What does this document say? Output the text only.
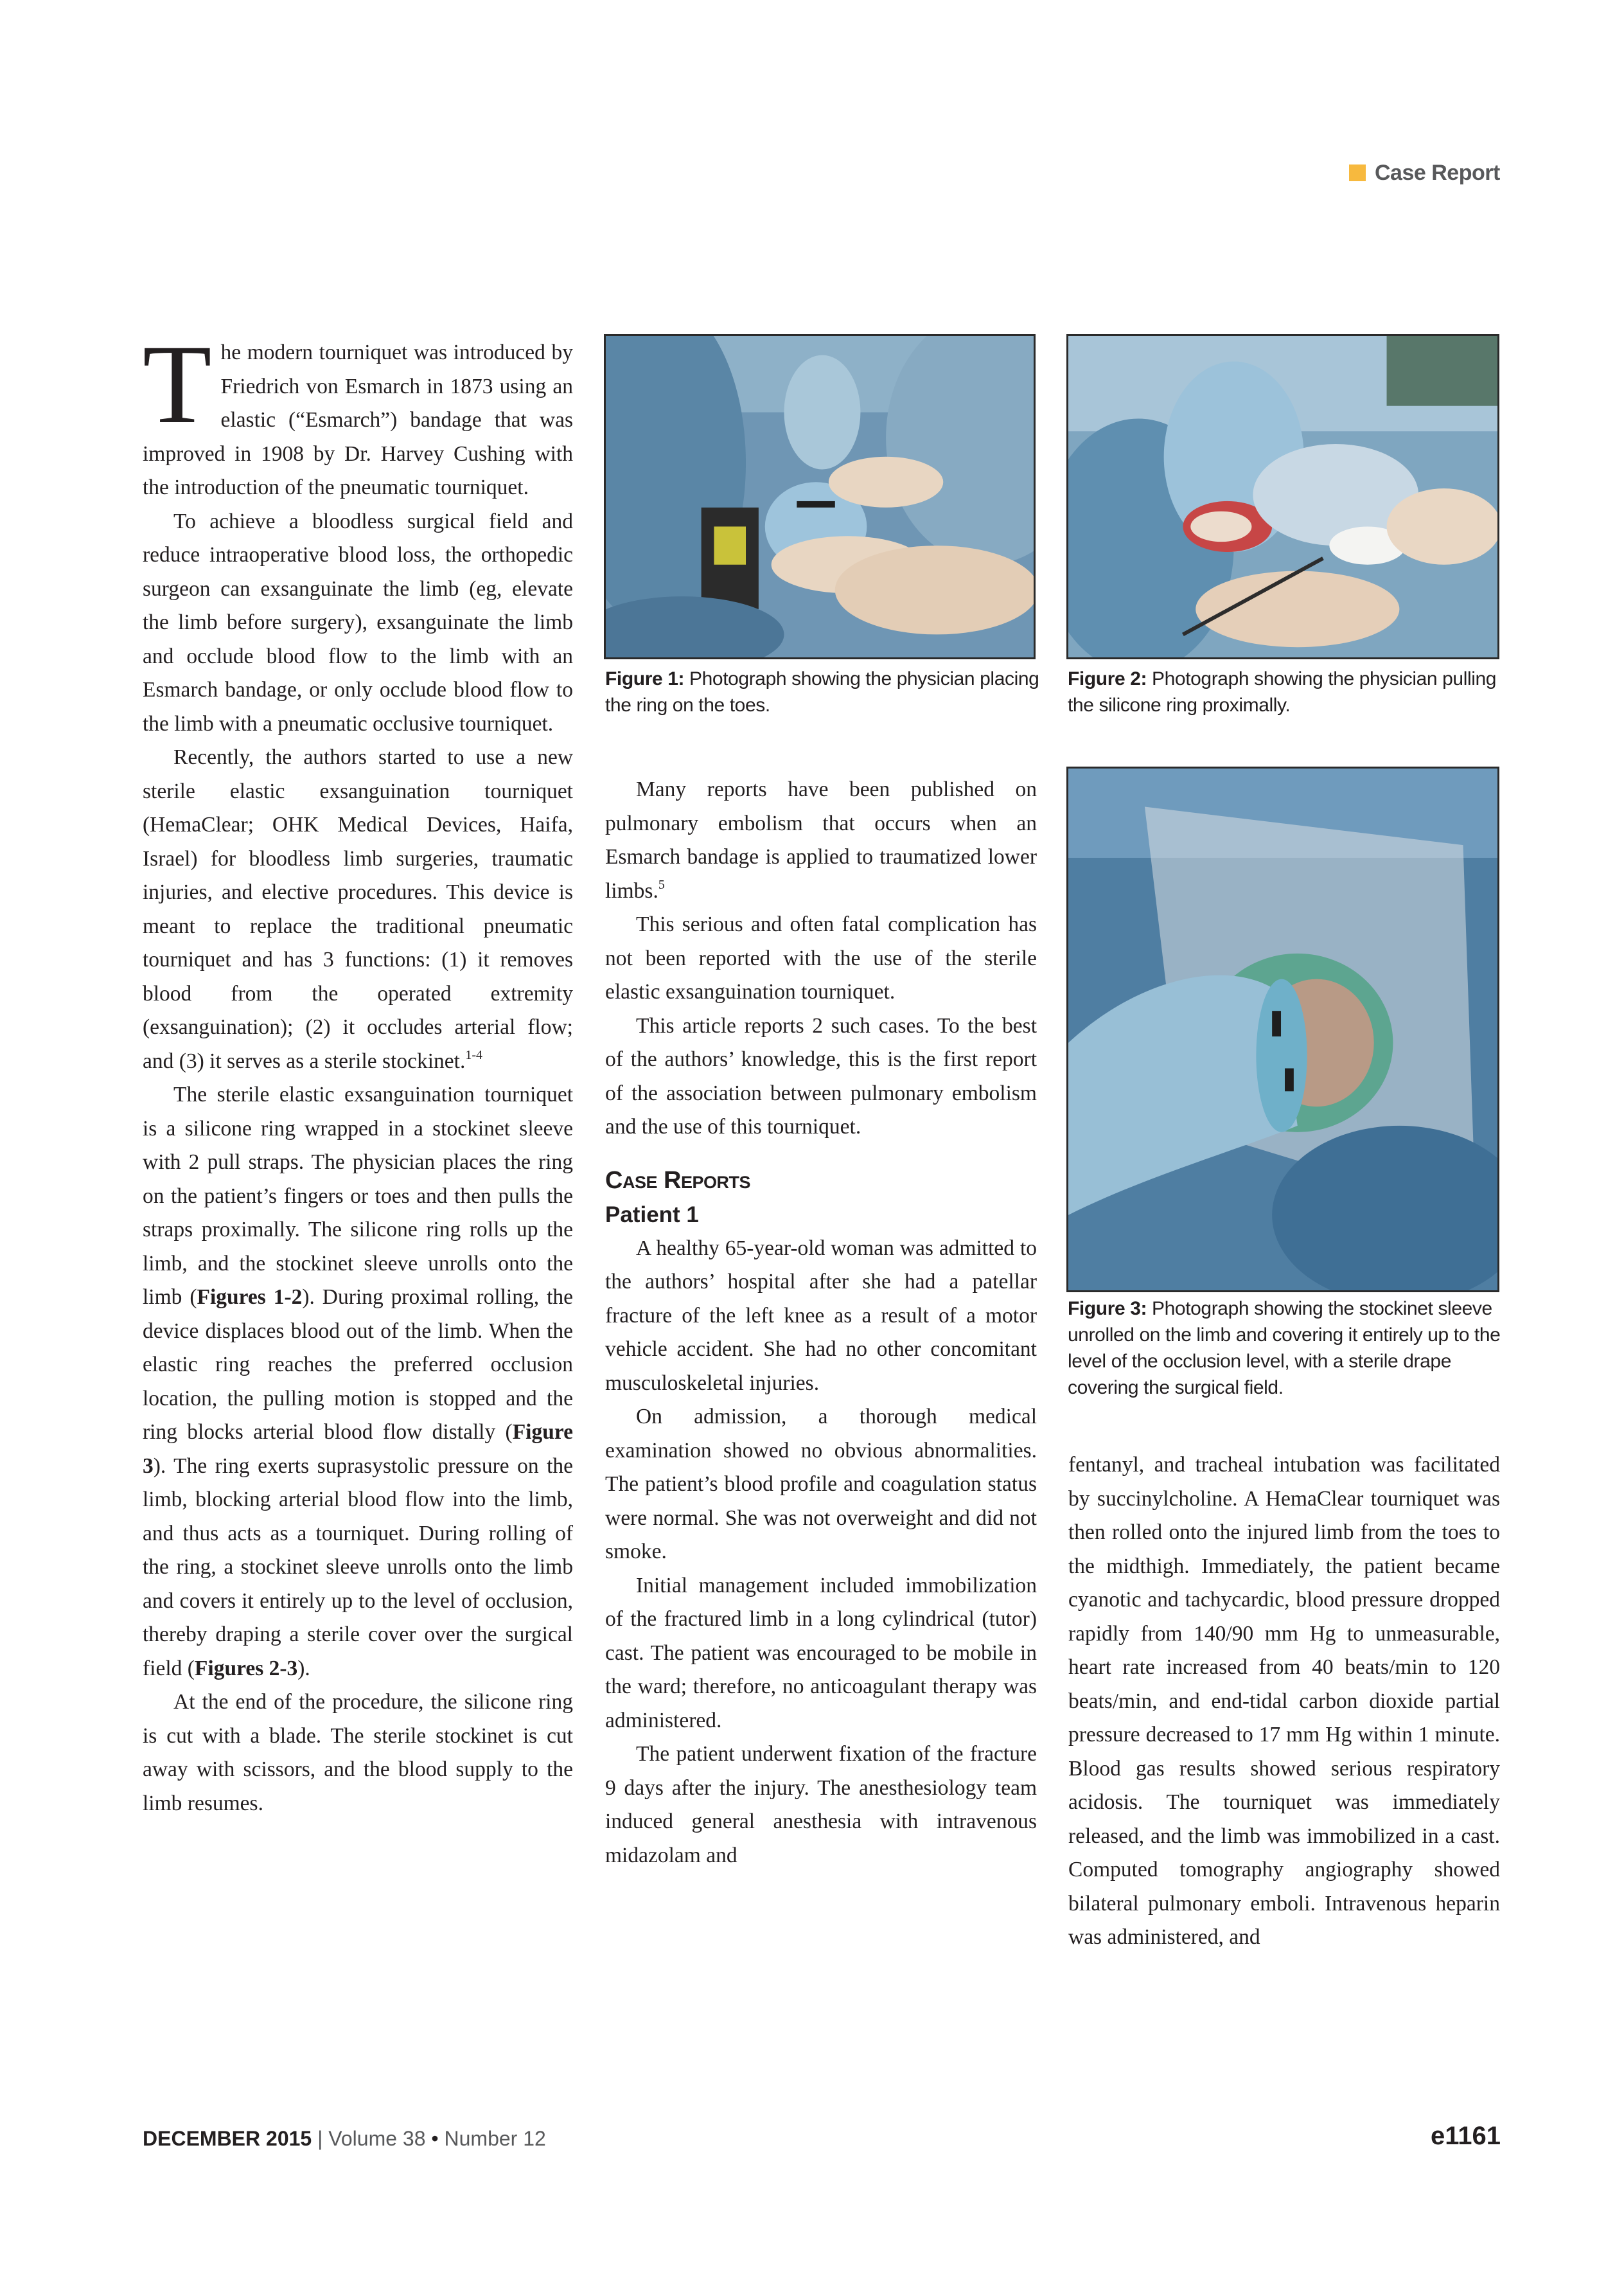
Case Report

The modern tourniquet was introduced by Friedrich von Esmarch in 1873 using an elastic (“Esmarch”) bandage that was improved in 1908 by Dr. Harvey Cushing with the introduction of the pneumatic tourniquet.

To achieve a bloodless surgical field and reduce intraoperative blood loss, the orthopedic surgeon can exsanguinate the limb (eg, elevate the limb before surgery), exsanguinate the limb and occlude blood flow to the limb with an Esmarch bandage, or only occlude blood flow to the limb with a pneumatic occlusive tourniquet.

Recently, the authors started to use a new sterile elastic exsanguination tourniquet (HemaClear; OHK Medical Devices, Haifa, Israel) for bloodless limb surgeries, traumatic injuries, and elective procedures. This device is meant to replace the traditional pneumatic tourniquet and has 3 functions: (1) it removes blood from the operated extremity (exsanguination); (2) it occludes arterial flow; and (3) it serves as a sterile stockinet.$^{1-4}$

The sterile elastic exsanguination tourniquet is a silicone ring wrapped in a stockinet sleeve with 2 pull straps. The physician places the ring on the patient’s fingers or toes and then pulls the straps proximally. The silicone ring rolls up the limb, and the stockinet sleeve unrolls onto the limb (Figures 1-2). During proximal rolling, the device displaces blood out of the limb. When the elastic ring reaches the preferred occlusion location, the pulling motion is stopped and the ring blocks arterial blood flow distally (Figure 3). The ring exerts suprasystolic pressure on the limb, blocking arterial blood flow into the limb, and thus acts as a tourniquet. During rolling of the ring, a stockinet sleeve unrolls onto the limb and covers it entirely up to the level of occlusion, thereby draping a sterile cover over the surgical field (Figures 2-3).

At the end of the procedure, the silicone ring is cut with a blade. The sterile stockinet is cut away with scissors, and the blood supply to the limb resumes.

Figure 1: Photograph showing the physician placing the ring on the toes.
Figure 2: Photograph showing the physician pulling the silicone ring proximally.
Figure 3: Photograph showing the stockinet sleeve unrolled on the limb and covering it entirely up to the level of the occlusion level, with a sterile drape covering the surgical field.

Many reports have been published on pulmonary embolism that occurs when an Esmarch bandage is applied to traumatized lower limbs.$^5$

This serious and often fatal complication has not been reported with the use of the sterile elastic exsanguination tourniquet.

This article reports 2 such cases. To the best of the authors’ knowledge, this is the first report of the association between pulmonary embolism and the use of this tourniquet.

Case Reports
Patient 1

A healthy 65-year-old woman was admitted to the authors’ hospital after she had a patellar fracture of the left knee as a result of a motor vehicle accident. She had no other concomitant musculoskeletal injuries.

On admission, a thorough medical examination showed no obvious abnormalities. The patient’s blood profile and coagulation status were normal. She was not overweight and did not smoke.

Initial management included immobilization of the fractured limb in a long cylindrical (tutor) cast. The patient was encouraged to be mobile in the ward; therefore, no anticoagulant therapy was administered.

The patient underwent fixation of the fracture 9 days after the injury. The anesthesiology team induced general anesthesia with intravenous midazolam and

fentanyl, and tracheal intubation was facilitated by succinylcholine. A HemaClear tourniquet was then rolled onto the injured limb from the toes to the midthigh. Immediately, the patient became cyanotic and tachycardic, blood pressure dropped rapidly from 140/90 mm Hg to unmeasurable, heart rate increased from 40 beats/min to 120 beats/min, and end-tidal carbon dioxide partial pressure decreased to 17 mm Hg within 1 minute. Blood gas results showed serious respiratory acidosis. The tourniquet was immediately released, and the limb was immobilized in a cast. Computed tomography angiography showed bilateral pulmonary emboli. Intravenous heparin was administered, and

DECEMBER 2015 | Volume 38 • Number 12	e1161
